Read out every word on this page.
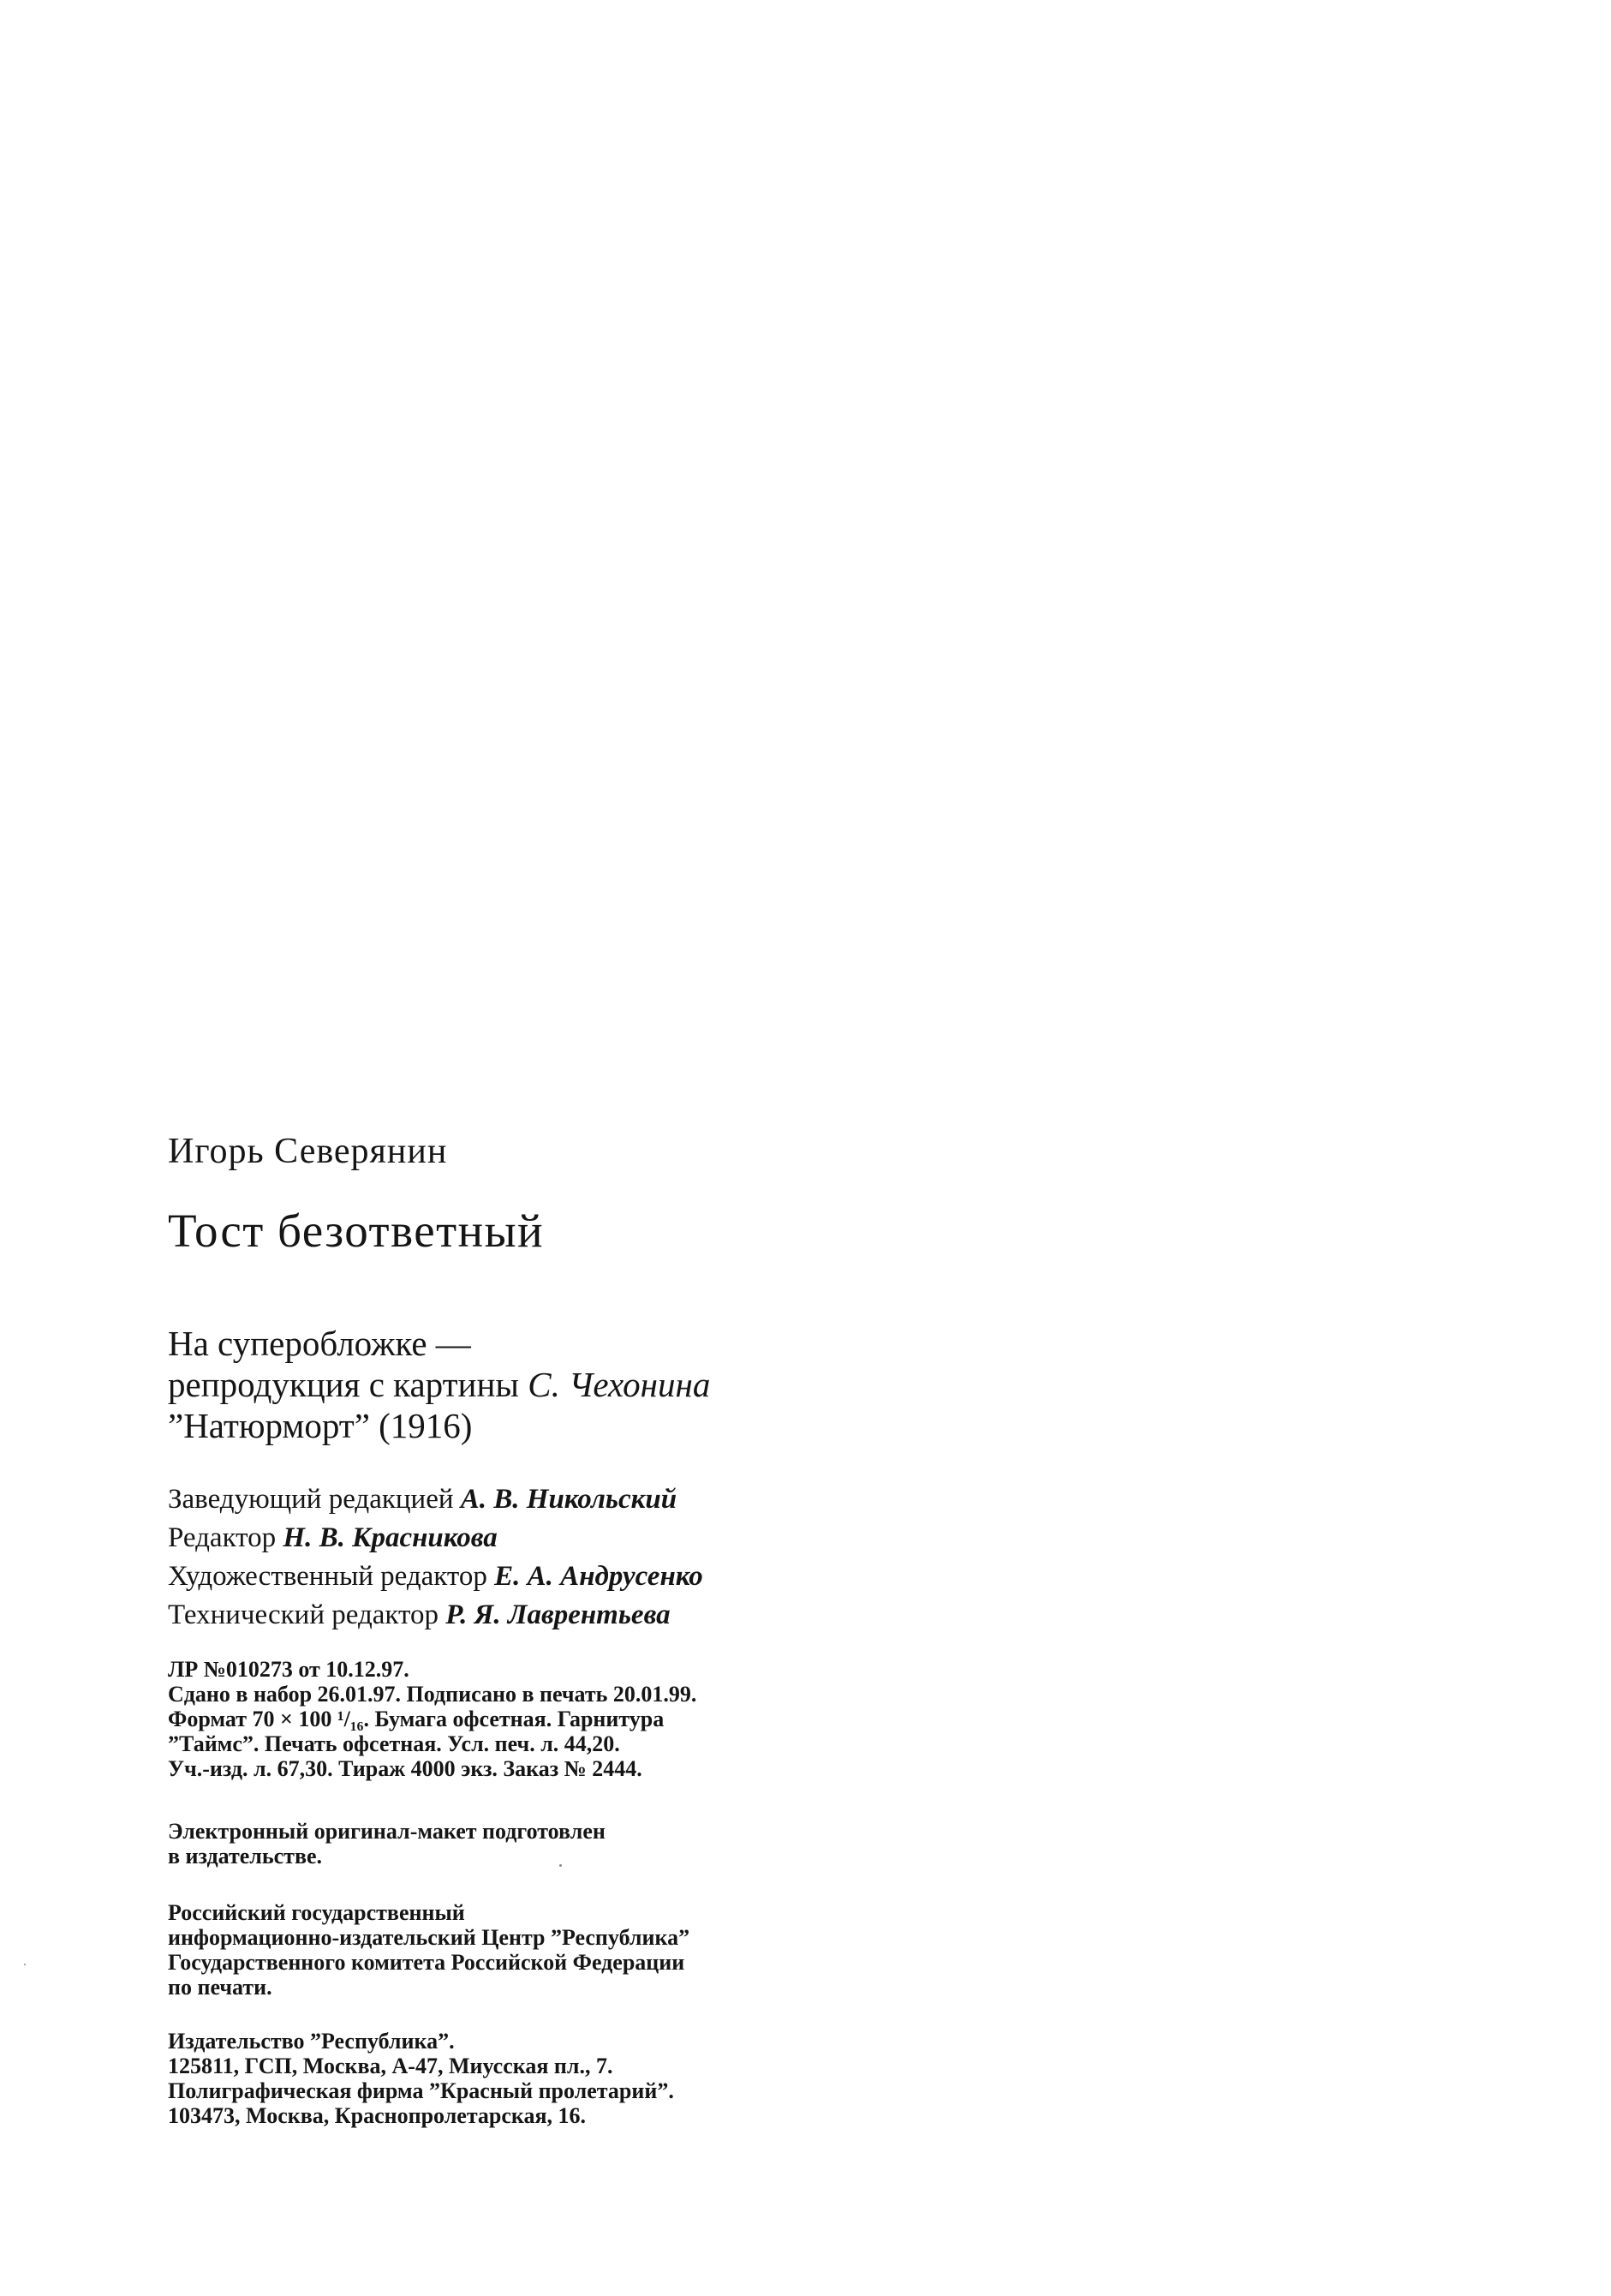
Игорь Северянин
Тост безответный
На суперобложке —
репродукция с картины С. Чехонина
”Натюрморт” (1916)
Заведующий редакцией А. В. Никольский
Редактор Н. В. Красникова
Художественный редактор Е. А. Андрусенко
Технический редактор Р. Я. Лаврентьева
ЛР №010273 от 10.12.97.
Сдано в набор 26.01.97. Подписано в печать 20.01.99.
Формат 70 × 100 ¹/₁₆. Бумага офсетная. Гарнитура
”Таймс”. Печать офсетная. Усл. печ. л. 44,20.
Уч.-изд. л. 67,30. Тираж 4000 экз. Заказ № 2444.
Электронный оригинал-макет подготовлен
в издательстве.
Российский государственный
информационно-издательский Центр ”Республика”
Государственного комитета Российской Федерации
по печати.
Издательство ”Республика”.
125811, ГСП, Москва, А-47, Миусская пл., 7.
Полиграфическая фирма ”Красный пролетарий”.
103473, Москва, Краснопролетарская, 16.
